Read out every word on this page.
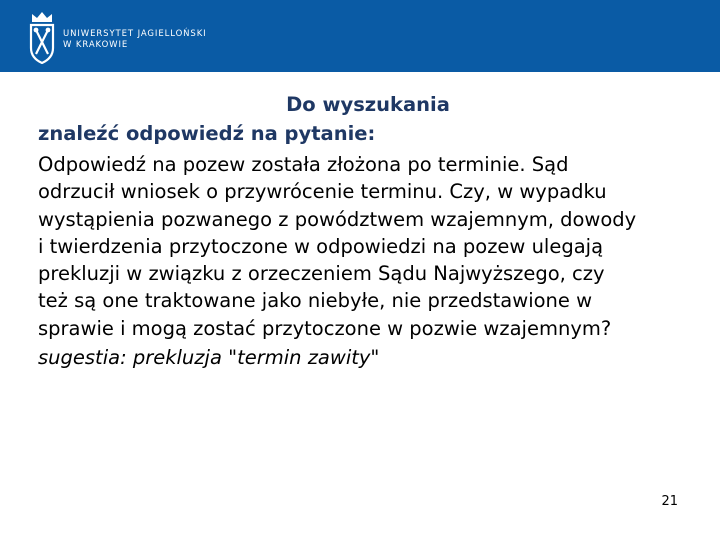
UNIWERSYTET JAGIELLOŃSKI
W KRAKOWIE
Do wyszukania
znaleźć odpowiedź na pytanie:
Odpowiedź na pozew została złożona po terminie. Sąd
odrzucił wniosek o przywrócenie terminu. Czy, w wypadku
wystąpienia pozwanego z powództwem wzajemnym, dowody
i twierdzenia przytoczone w odpowiedzi na pozew ulegają
prekluzji w związku z orzeczeniem Sądu Najwyższego, czy
też są one traktowane jako niebyłe, nie przedstawione w
sprawie i mogą zostać przytoczone w pozwie wzajemnym?
sugestia: prekluzja "termin zawity"
21
